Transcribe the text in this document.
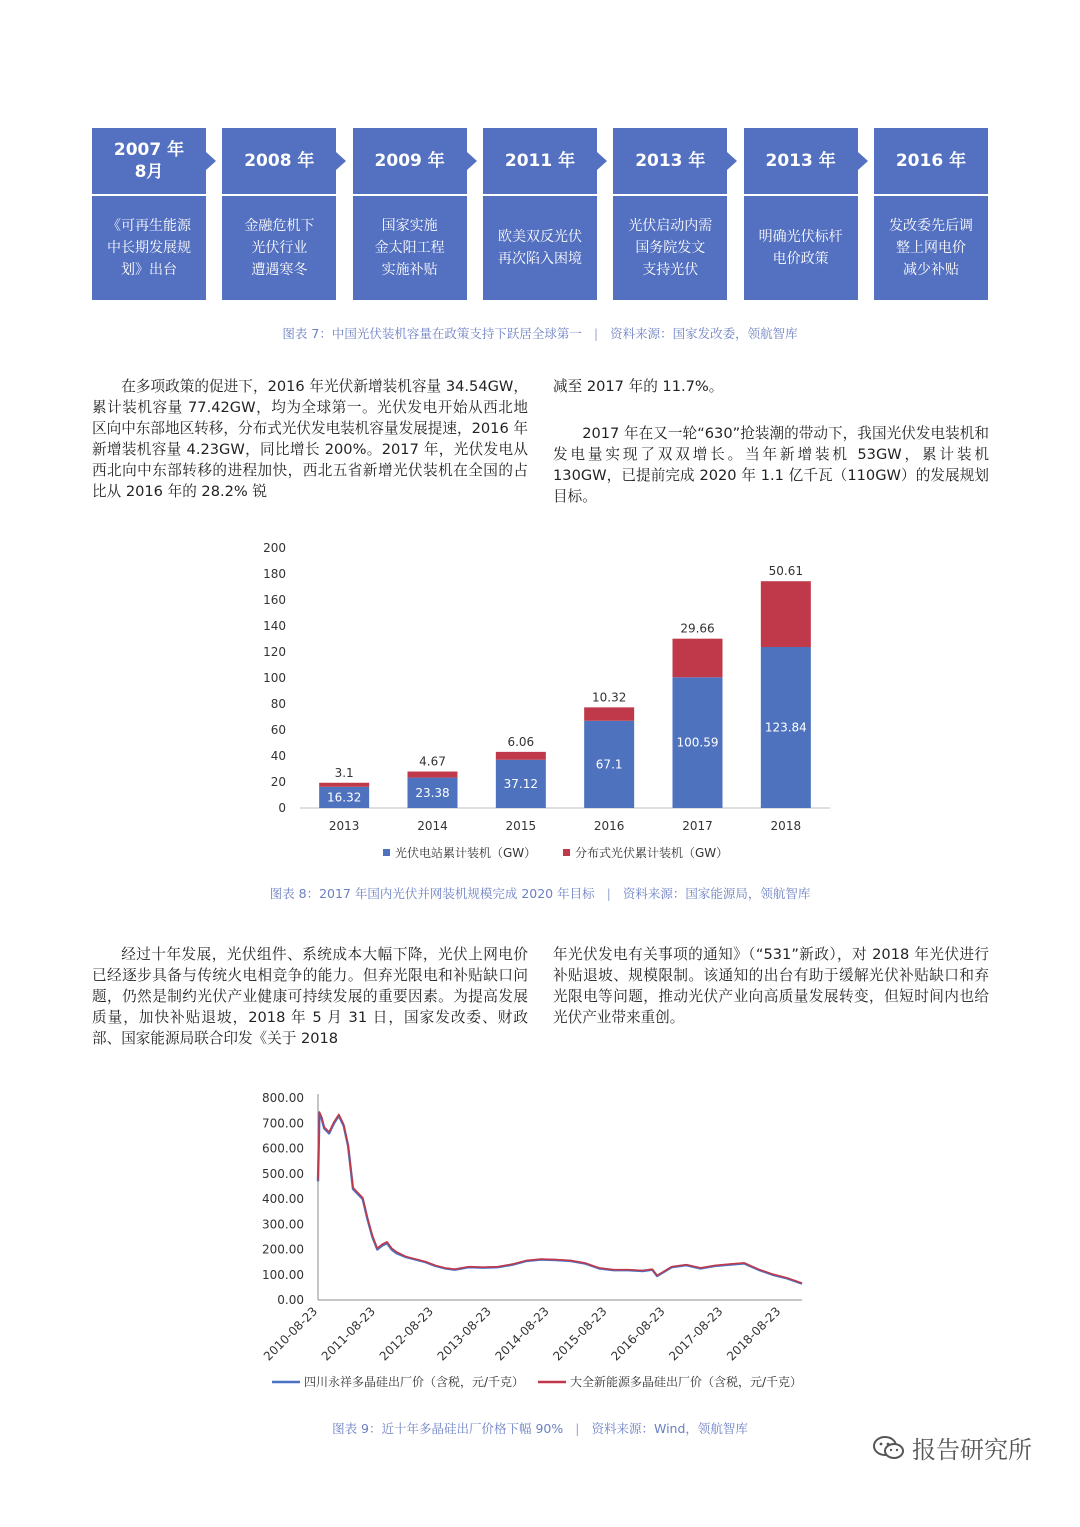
2007 年
8月
《可再生能源
中长期发展规
划》出台
2008 年
金融危机下
光伏行业
遭遇寒冬
2009 年
国家实施
金太阳工程
实施补贴
2011 年
欧美双反光伏
再次陷入困境
2013 年
光伏启动内需
国务院发文
支持光伏
2013 年
明确光伏标杆
电价政策
2016 年
发改委先后调
整上网电价
减少补贴
图表 7：中国光伏装机容量在政策支持下跃居全球第一 | 资料来源：国家发改委，领航智库

在多项政策的促进下，2016 年光伏新增装机容量 34.54GW，累计装机容量 77.42GW，均为全球第一。光伏发电开始从西北地区向中东部地区转移，分布式光伏发电装机容量发展提速，2016 年新增装机容量 4.23GW，同比增长 200%。2017 年，光伏发电从西北向中东部转移的进程加快，西北五省新增光伏装机在全国的占比从 2016 年的 28.2% 锐

减至 2017 年的 11.7%。

2017 年在又一轮“630”抢装潮的带动下，我国光伏发电装机和发电量实现了双双增长。当年新增装机 53GW，累计装机 130GW，已提前完成 2020 年 1.1 亿千瓦（110GW）的发展规划目标。

0
20
40
60
80
100
120
140
160
180
200
16.32
3.1
2013
23.38
4.67
2014
37.12
6.06
2015
67.1
10.32
2016
100.59
29.66
2017
123.84
50.61
2018
光伏电站累计装机（GW）	分布式光伏累计装机（GW）
图表 8：2017 年国内光伏并网装机规模完成 2020 年目标 | 资料来源：国家能源局，领航智库

经过十年发展，光伏组件、系统成本大幅下降，光伏上网电价已经逐步具备与传统火电相竞争的能力。但弃光限电和补贴缺口问题，仍然是制约光伏产业健康可持续发展的重要因素。为提高发展质量，加快补贴退坡，2018 年 5 月 31 日，国家发改委、财政部、国家能源局联合印发《关于 2018

年光伏发电有关事项的通知》（“531”新政），对 2018 年光伏进行补贴退坡、规模限制。该通知的出台有助于缓解光伏补贴缺口和弃光限电等问题，推动光伏产业向高质量发展转变，但短时间内也给光伏产业带来重创。

0.00
100.00
200.00
300.00
400.00
500.00
600.00
700.00
800.00
2010-08-23
2011-08-23
2012-08-23
2013-08-23
2014-08-23
2015-08-23
2016-08-23
2017-08-23
2018-08-23
四川永祥多晶硅出厂价（含税，元/千克）	大全新能源多晶硅出厂价（含税，元/千克）
图表 9：近十年多晶硅出厂价格下幅 90% | 资料来源：Wind，领航智库
报告研究所
